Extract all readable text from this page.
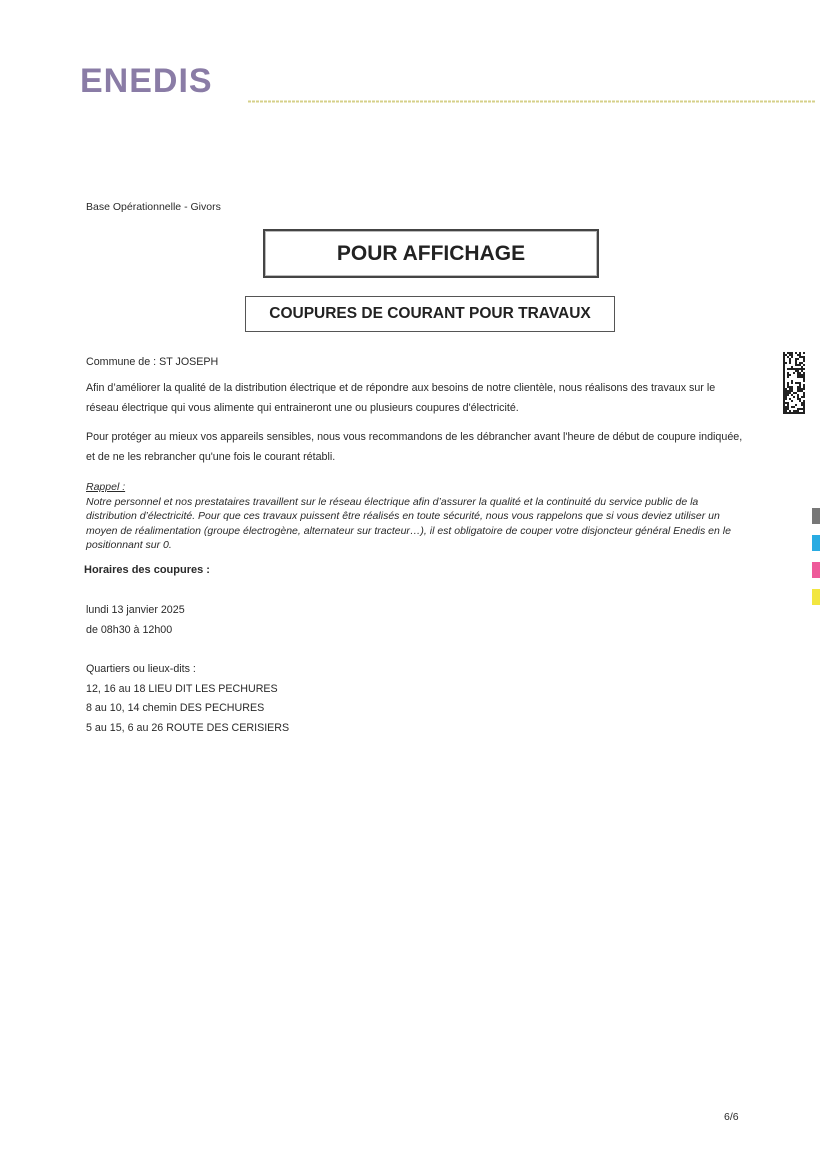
ENEDIS
Base Opérationnelle - Givors
POUR AFFICHAGE
COUPURES DE COURANT POUR TRAVAUX
Commune de : ST JOSEPH
Afin d’améliorer la qualité de la distribution électrique et de répondre aux besoins de notre clientèle, nous réalisons des travaux sur le réseau électrique qui vous alimente qui entraineront une ou plusieurs coupures d'électricité.
Pour protéger au mieux vos appareils sensibles, nous vous recommandons de les débrancher avant l'heure de début de coupure indiquée, et de ne les rebrancher qu'une fois le courant rétabli.
Rappel :
Notre personnel et nos prestataires travaillent sur le réseau électrique afin d’assurer la qualité et la continuité du service public de la distribution d’électricité. Pour que ces travaux puissent être réalisés en toute sécurité, nous vous rappelons que si vous deviez utiliser un moyen de réalimentation (groupe électrogène, alternateur sur tracteur…), il est obligatoire de couper votre disjoncteur général Enedis en le positionnant sur 0.
Horaires des coupures :
lundi 13 janvier 2025
de 08h30 à 12h00
Quartiers ou lieux-dits :
12, 16 au 18 LIEU DIT LES PECHURES
8 au 10, 14 chemin DES PECHURES
5 au 15, 6 au 26 ROUTE DES CERISIERS
6/6
